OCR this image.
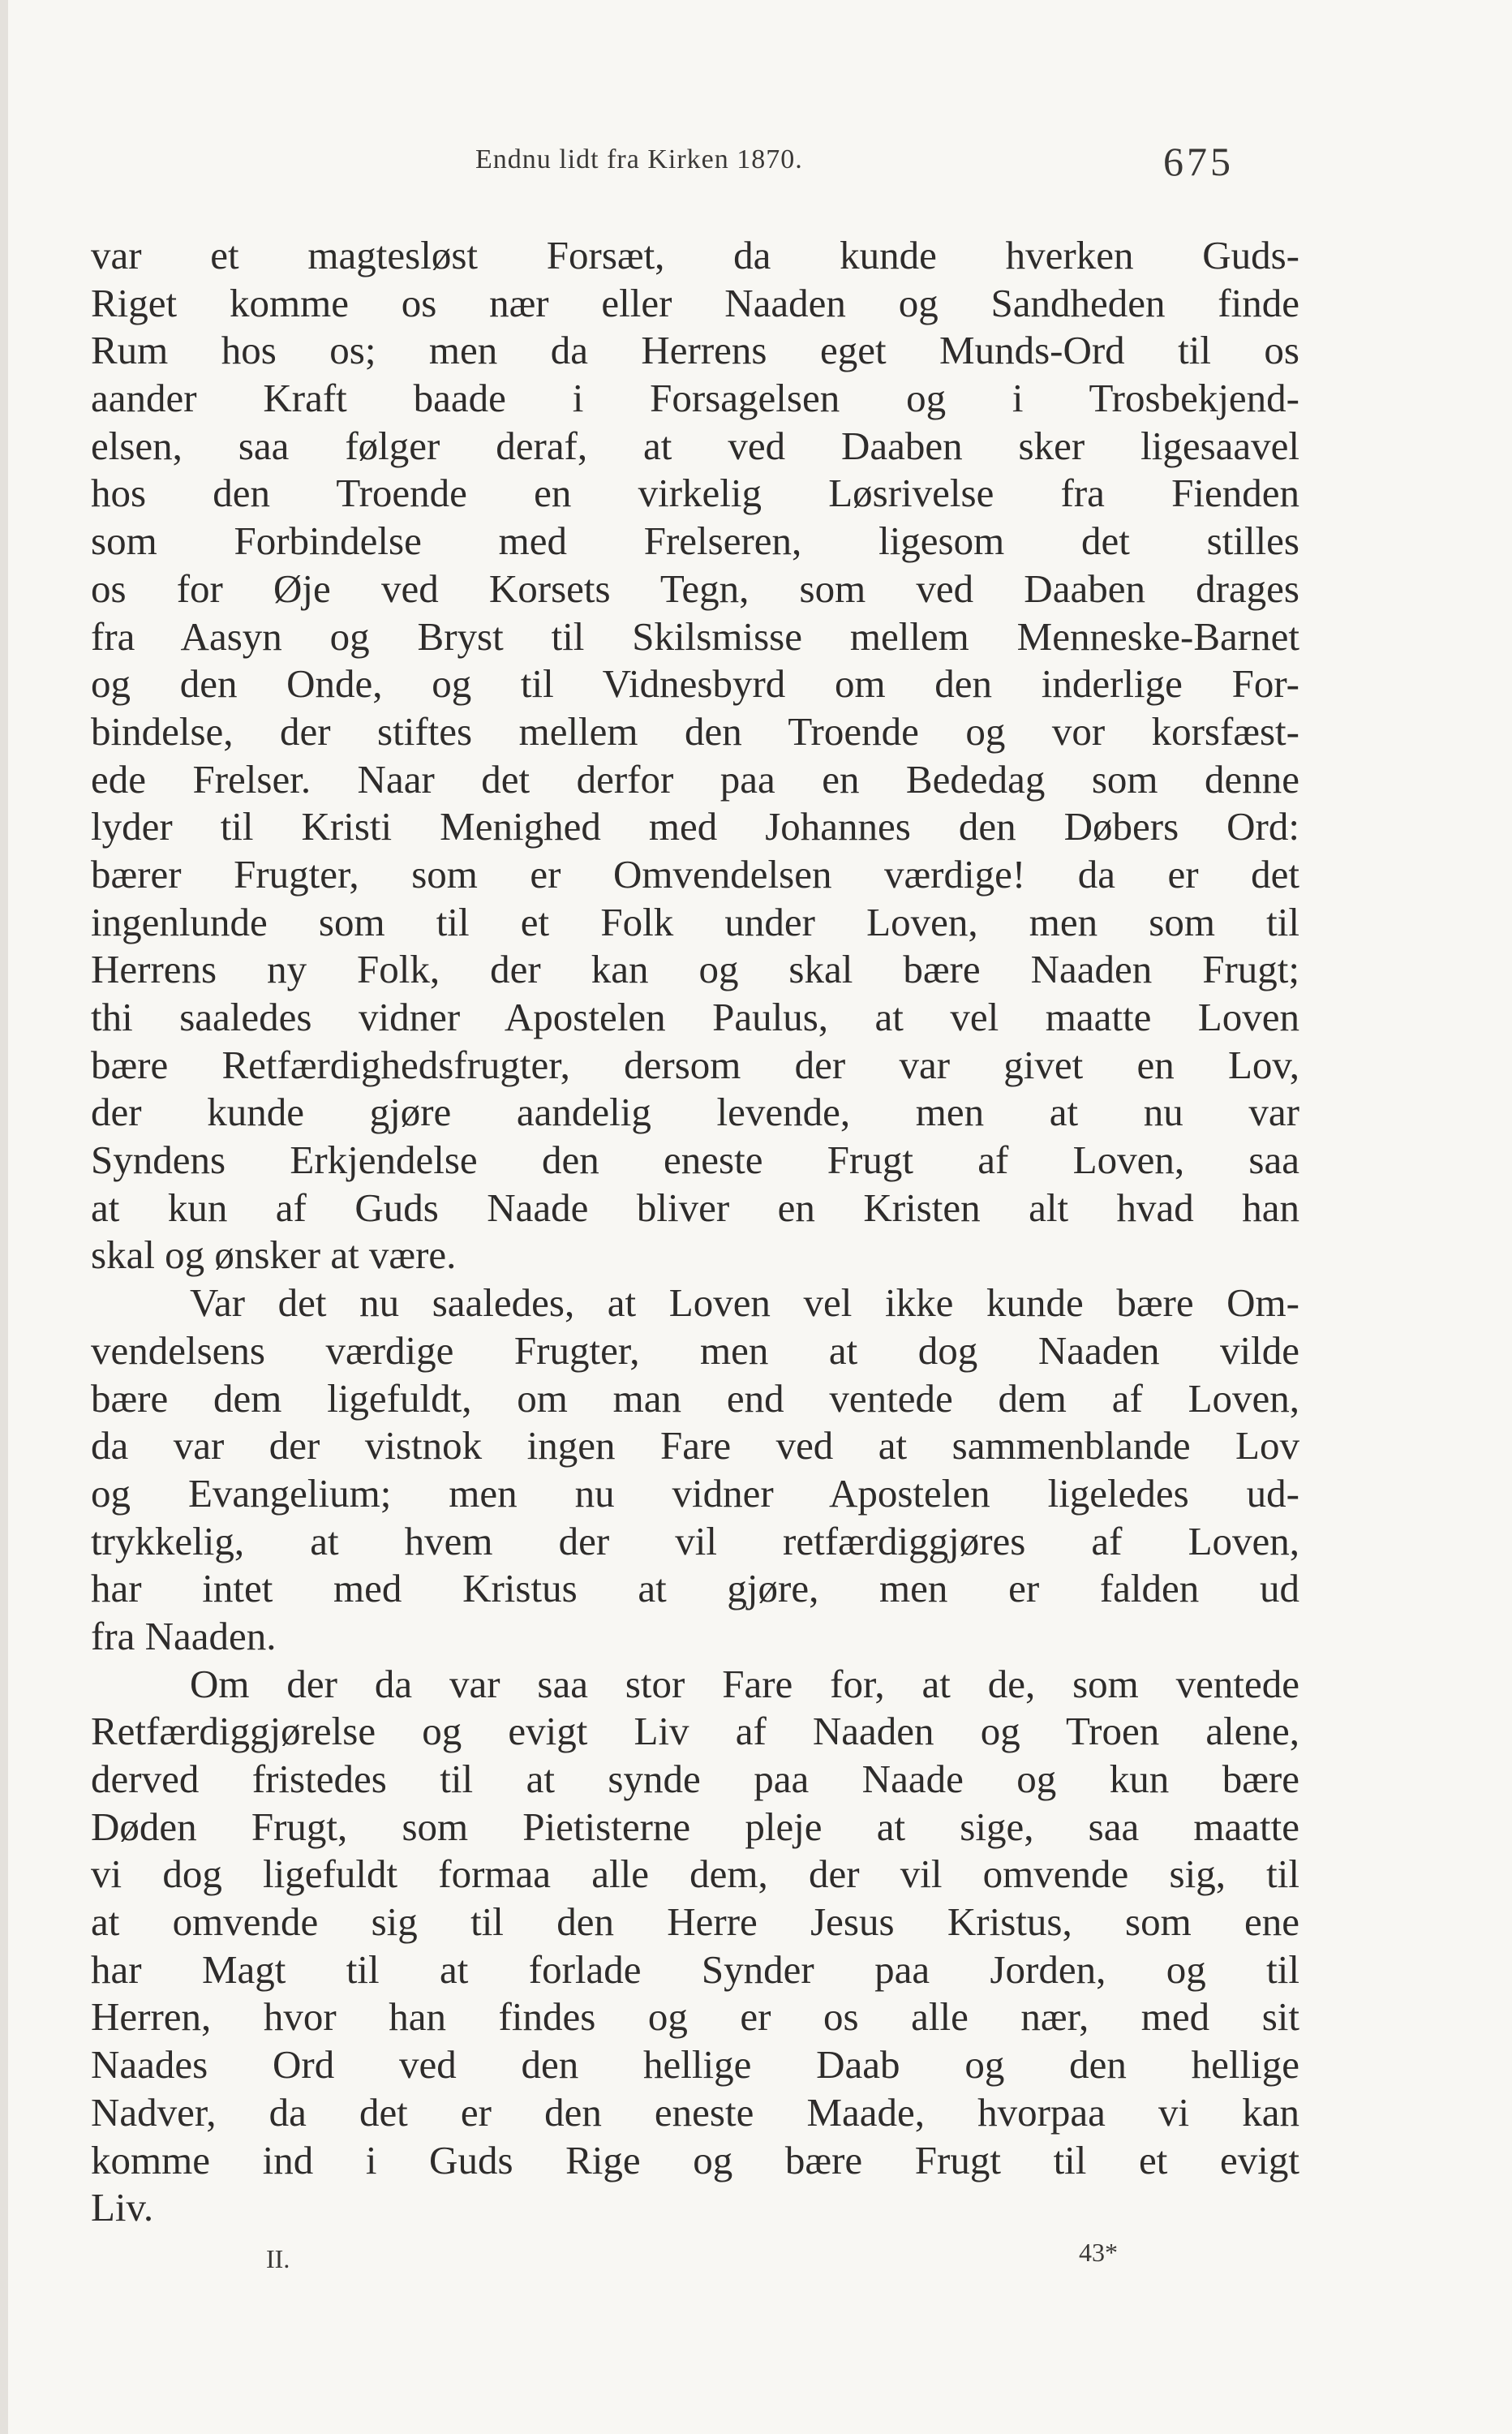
Endnu lidt fra Kirken 1870.	675
var et magtesløst Forsæt, da kunde hverken Guds-
Riget komme os nær eller Naaden og Sandheden finde
Rum hos os; men da Herrens eget Munds-Ord til os
aander Kraft baade i Forsagelsen og i Trosbekjend-
elsen, saa følger deraf, at ved Daaben sker ligesaavel
hos den Troende en virkelig Løsrivelse fra Fienden
som Forbindelse med Frelseren, ligesom det stilles
os for Øje ved Korsets Tegn, som ved Daaben drages
fra Aasyn og Bryst til Skilsmisse mellem Menneske-Barnet
og den Onde, og til Vidnesbyrd om den inderlige For-
bindelse, der stiftes mellem den Troende og vor korsfæst-
ede Frelser. Naar det derfor paa en Bededag som denne
lyder til Kristi Menighed med Johannes den Døbers Ord:
bærer Frugter, som er Omvendelsen værdige! da er det
ingenlunde som til et Folk under Loven, men som til
Herrens ny Folk, der kan og skal bære Naaden Frugt;
thi saaledes vidner Apostelen Paulus, at vel maatte Loven
bære Retfærdighedsfrugter, dersom der var givet en Lov,
der kunde gjøre aandelig levende, men at nu var
Syndens Erkjendelse den eneste Frugt af Loven, saa
at kun af Guds Naade bliver en Kristen alt hvad han
skal og ønsker at være.
Var det nu saaledes, at Loven vel ikke kunde bære Om-
vendelsens værdige Frugter, men at dog Naaden vilde
bære dem ligefuldt, om man end ventede dem af Loven,
da var der vistnok ingen Fare ved at sammenblande Lov
og Evangelium; men nu vidner Apostelen ligeledes ud-
trykkelig, at hvem der vil retfærdiggjøres af Loven,
har intet med Kristus at gjøre, men er falden ud
fra Naaden.
Om der da var saa stor Fare for, at de, som ventede
Retfærdiggjørelse og evigt Liv af Naaden og Troen alene,
derved fristedes til at synde paa Naade og kun bære
Døden Frugt, som Pietisterne pleje at sige, saa maatte
vi dog ligefuldt formaa alle dem, der vil omvende sig, til
at omvende sig til den Herre Jesus Kristus, som ene
har Magt til at forlade Synder paa Jorden, og til
Herren, hvor han findes og er os alle nær, med sit
Naades Ord ved den hellige Daab og den hellige
Nadver, da det er den eneste Maade, hvorpaa vi kan
komme ind i Guds Rige og bære Frugt til et evigt
Liv.
II.	43*
